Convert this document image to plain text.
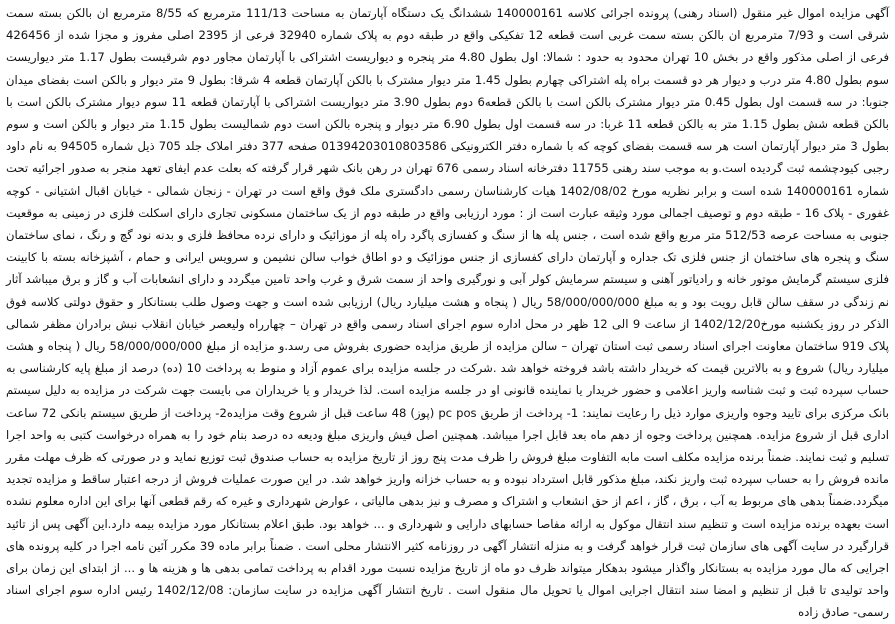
آگهی مزایده اموال غیر منقول (اسناد رهنی) پرونده اجرائی کلاسه 140000161 ششدانگ یک دستگاه آپارتمان به مساحت 111/13 مترمربع که 8/55 مترمربع ان بالکن بسته سمت شرقی است و 7/93 مترمربع ان بالکن بسته سمت غربی است قطعه 12 تفکیکی واقع در طبقه دوم به پلاک شماره 32940 فرعی از 2395 اصلی مفروز و مجزا شده از 426456 فرعی از اصلی مذکور واقع در بخش 10 تهران محدود به حدود : شمالا: اول بطول 4.80 متر پنجره و دیواریست اشتراکی با آپارتمان مجاور دوم شرقیست بطول 1.17 متر دیواریست سوم بطول 4.80 متر درب و دیوار هر دو قسمت براه پله اشتراکی چهارم بطول 1.45 متر دیوار مشترک با بالکن آپارتمان قطعه 4 شرقا: بطول 9 متر دیوار و بالکن است بفضای میدان جنوبا: در سه قسمت اول بطول 0.45 متر دیوار مشترک بالکن است با بالکن قطعه6 دوم بطول 3.90 متر دیواریست اشتراکی با آپارتمان قطعه 11 سوم دیوار مشترک بالکن است با بالکن قطعه شش بطول 1.15 متر به بالکن قطعه 11 غربا: در سه قسمت اول بطول 6.90 متر دیوار و پنجره بالکن است دوم شمالیست بطول 1.15 متر دیوار و بالکن است و سوم بطول 3 متر دیوار آپارتمان است هر سه قسمت بفضای کوچه که با شماره دفتر الکترونیکی 01394203010803586 صفحه 377 دفتر املاک جلد 705 ذیل شماره 94505 به نام داود رجبی کیودچشمه ثبت گردیده است.و به موجب سند رهنی 11755 دفترخانه اسناد رسمی 676 تهران در رهن بانک شهر قرار گرفته که بعلت عدم ایفای تعهد منجر به صدور اجرائیه تحت شماره 140000161 شده است و برابر نظریه مورخ 1402/08/02 هیات کارشناسان رسمی دادگستری ملک فوق واقع است در تهران - زنجان شمالی - خیابان اقبال اشتیانی - کوچه غفوری - پلاک 16 - طبقه دوم و توصیف اجمالی مورد وثیقه عبارت است از : مورد ارزیابی واقع در طبقه دوم از یک ساختمان مسکونی تجاری دارای اسکلت فلزی در زمینی به موقعیت جنوبی به مساحت عرصه 512/53 متر مربع واقع شده است ، جنس پله ها از سنگ و کفسازی پاگرد راه پله از موزائیک و دارای نرده محافظ فلزی و بدنه نود گچ و رنگ ، نمای ساختمان سنگ و پنجره های ساختمان از جنس فلزی تک جداره و آپارتمان دارای کفسازی از جنس موزائیک و دو اطاق خواب سالن نشیمن و سرویس ایرانی و حمام ، آشپزخانه بسته با کابینت فلزی سیستم گرمایش موتور خانه و رادیاتور آهنی و سیستم سرمایش کولر آبی و نورگیری واحد از سمت شرق و غرب واحد تامین میگردد و دارای انشعابات آب و گاز و برق میباشد آثار نم زندگی در سقف سالن قابل رویت بود و به مبلغ 58/000/000/000 ریال ( پنجاه و هشت میلیارد ریال) ارزیابی شده است و جهت وصول طلب بستانکار و حقوق دولتی کلاسه فوق الذکر در روز یکشنبه مورخ1402/12/20 از ساعت 9 الی 12 ظهر در محل اداره سوم اجرای اسناد رسمی واقع در تهران – چهارراه ولیعصر خیابان انقلاب نبش برادران مظفر شمالی پلاک 919 ساختمان معاونت اجرای اسناد رسمی ثبت استان تهران – سالن مزایده از طریق مزایده حضوری بفروش می رسد.و مزایده از مبلغ 58/000/000/000 ریال ( پنجاه و هشت میلیارد ریال) شروع و به بالاترین قیمت که خریدار داشته باشد فروخته خواهد شد .شرکت در جلسه مزایده برای عموم آزاد و منوط به پرداخت 10 (ده) درصد از مبلغ پایه کارشناسی به حساب سپرده ثبت و ثبت شناسه واریز اعلامی و حضور خریدار یا نماینده قانونی او در جلسه مزایده است. لذا خریدار و یا خریداران می بایست جهت شرکت در مزایده به دلیل سیستم بانک مرکزی برای تایید وجوه واریزی موارد ذیل را رعایت نمایند: 1- پرداخت از طریق pc pos (پوز) 48 ساعت قبل از شروع وقت مزایده2- پرداخت از طریق سیستم بانکی 72 ساعت اداری قبل از شروع مزایده. همچنین پرداخت وجوه از دهم ماه بعد قابل اجرا میباشد. همچنین اصل فیش واریزی مبلغ ودیعه ده درصد بنام خود را به همراه درخواست کتبی به واحد اجرا تسلیم و ثبت نمایند. ضمناً برنده مزایده مکلف است مابه التفاوت مبلغ فروش را ظرف مدت پنج روز از تاریخ مزایده به حساب صندوق ثبت توزیع نماید و در صورتی که ظرف مهلت مقرر مانده فروش را به حساب سپرده ثبت واریز نکند، مبلغ مذکور قابل استرداد نبوده و به حساب خزانه واریز خواهد شد. در این صورت عملیات فروش از درجه اعتبار ساقط و مزایده تجدید میگردد.ضمناً بدهی های مربوط به آب ، برق ، گاز ، اعم از حق انشعاب و اشتراک و مصرف و نیز بدهی مالیاتی ، عوارض شهرداری و غیره که رقم قطعی آنها برای این اداره معلوم نشده است بعهده برنده مزایده است و تنظیم سند انتقال موکول به ارائه مفاصا حسابهای دارایی و شهرداری و ... خواهد بود. طبق اعلام بستانکار مورد مزایده بیمه دارد.این آگهی پس از تائید قرارگیرد در سایت آگهی های سازمان ثبت قرار خواهد گرفت و به منزله انتشار آگهی در روزنامه کثیر الانتشار محلی است . ضمناً برابر ماده 39 مکرر آئین نامه اجرا در کلیه پرونده های اجرایی که مال مورد مزایده به بستانکار واگذار میشود بدهکار میتواند ظرف دو ماه از تاریخ مزایده نسبت مورد اقدام به پرداخت تمامی بدهی ها و هزینه ها و ... از ابتدای این زمان برای واحد تولیدی تا قبل از تنظیم و امضا سند انتقال اجرایی اموال یا تحویل مال منقول است . تاریخ انتشار آگهی مزایده در سایت سازمان: 1402/12/08 رئیس اداره سوم اجرای اسناد رسمی- صادق زاده
